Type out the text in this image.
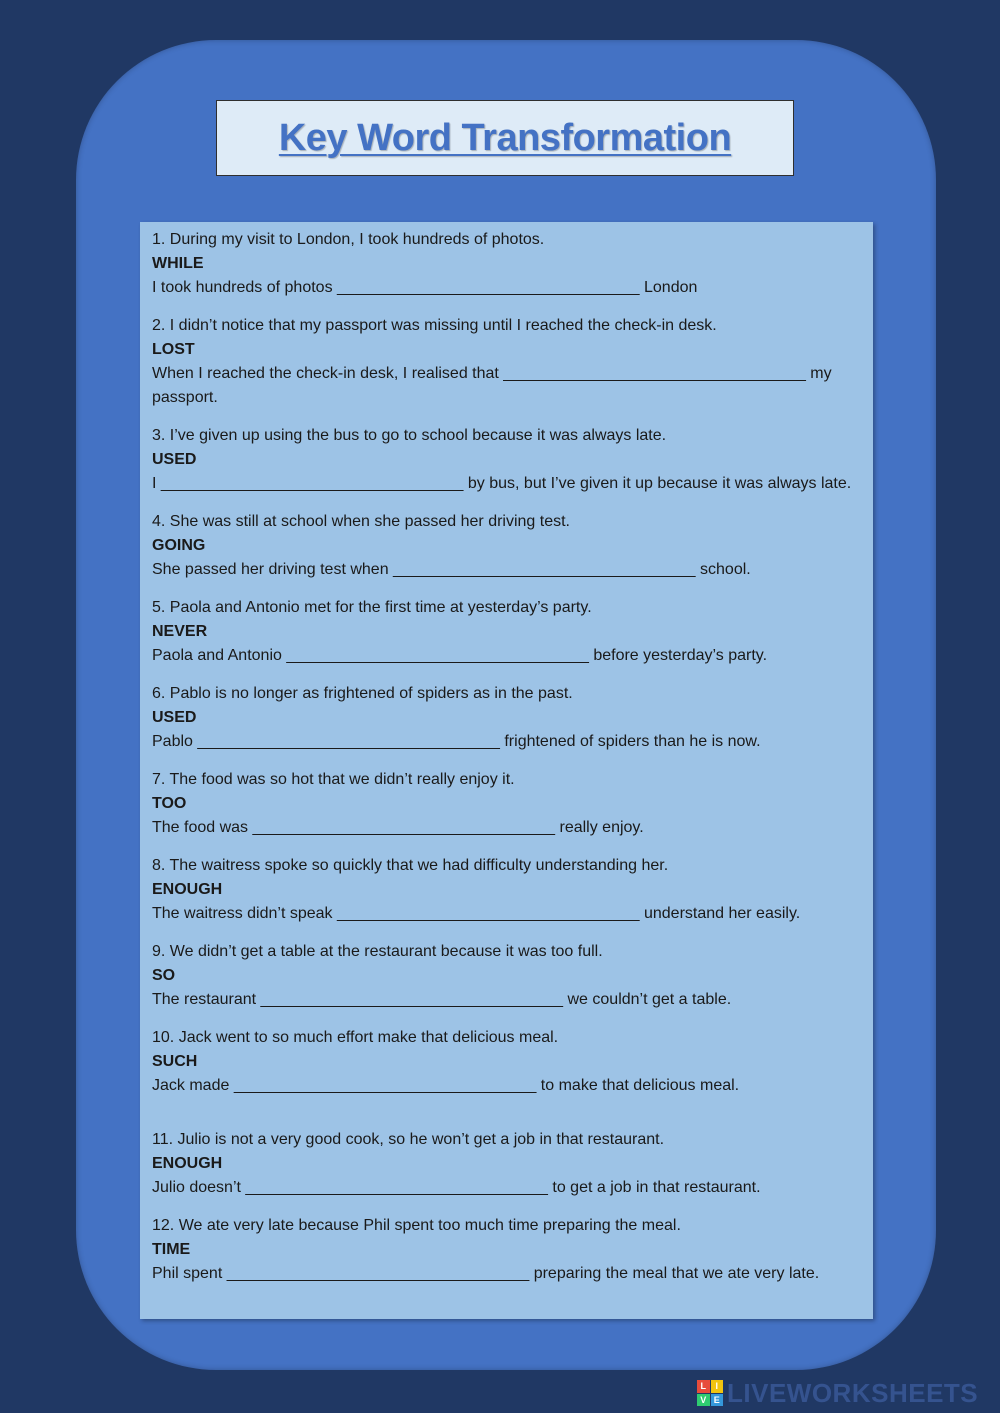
Key Word Transformation
1. During my visit to London, I took hundreds of photos.
WHILE
I took hundreds of photos __________________________________ London
2. I didn’t notice that my passport was missing until I reached the check-in desk.
LOST
When I reached the check-in desk, I realised that __________________________________ my passport.
3. I’ve given up using the bus to go to school because it was always late.
USED
I __________________________________ by bus, but I’ve given it up because it was always late.
4. She was still at school when she passed her driving test.
GOING
She passed her driving test when __________________________________ school.
5. Paola and Antonio met for the first time at yesterday’s party.
NEVER
Paola and Antonio __________________________________ before yesterday’s party.
6. Pablo is no longer as frightened of spiders as in the past.
USED
Pablo __________________________________ frightened of spiders than he is now.
7. The food was so hot that we didn’t really enjoy it.
TOO
The food was __________________________________ really enjoy.
8. The waitress spoke so quickly that we had difficulty understanding her.
ENOUGH
The waitress didn’t speak __________________________________ understand her easily.
9. We didn’t get a table at the restaurant because it was too full.
SO
The restaurant __________________________________ we couldn’t get a table.
10. Jack went to so much effort make that delicious meal.
SUCH
Jack made __________________________________ to make that delicious meal.
11. Julio is not a very good cook, so he won’t get a job in that restaurant.
ENOUGH
Julio doesn’t __________________________________ to get a job in that restaurant.
12. We ate very late because Phil spent too much time preparing the meal.
TIME
Phil spent __________________________________ preparing the meal that we ate very late.
L	I
V E LIVEWORKSHEETS
